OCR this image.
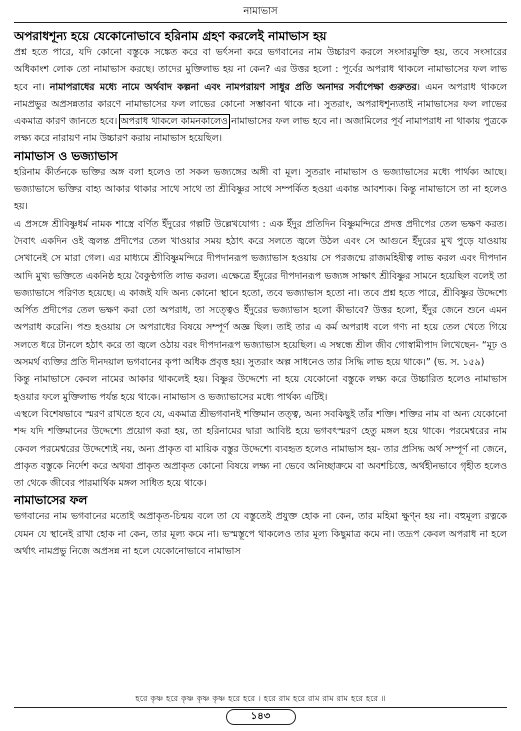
নামাভাস
অপরাধশূন্য হয়ে যেকোনোভাবে হরিনাম গ্রহণ করলেই নামাভাস হয়

প্রশ্ন হতে পারে, যদি কোনো বস্তুকে সঙ্কেত করে বা ভর্ৎসনা করে ভগবানের নাম উচ্চারণ করলে সংসারমুক্তি হয়, তবে সংসারের অধিকাংশ লোক তো নামাভাস করছে। তাদের মুক্তিলাভ হয় না কেন? এর উত্তর হলো : পূর্বের অপরাধ থাকলে নামাভাসের ফল লাভ হবে না। নামাপরাধের মধ্যে নামে অর্থবাদ কল্পনা এবং নামপরায়ণ সাধুর প্রতি অনাদর সর্বাপেক্ষা গুরুতর। এমন অপরাধ থাকলে নামপ্রভুর অপ্রসন্নতার কারণে নামাভাসের ফল লাভের কোনো সম্ভাবনা থাকে না। সুতরাং, অপরাধশূন্যতাই নামাভাসের ফল লাভের একমাত্র কারণ জানতে হবে। অপরাধ থাকলে কামনকালেও নামাভাসের ফল লাভ হবে না। অজামিলের পূর্ব নামাপরাধ না থাকায় পুত্রকে লক্ষ্য করে নারায়ণ নাম উচ্চারণ করায় নামাভাস হয়েছিল।

নামাভাস ও ভজ্যাভাস

হরিনাম কীর্তনকে ভক্তির অঙ্গ বলা হলেও তা সকল ভজ্যঙ্গের অঙ্গী বা মূল। সুতরাং নামাভাস ও ভজ্যাভাসের মধ্যে পার্থক্য আছে। ভজ্যাভাসে ভক্তির বাহ্য আকার থাকার সাথে সাথে তা শ্রীবিষ্ণুর সাথে সম্পর্কিত হওয়া একান্ত আবশ্যক। কিন্তু নামাভাসে তা না হলেও হয়।

এ প্রসঙ্গে শ্রীবিষ্ণুধর্ম নামক শাস্ত্রে বর্ণিত ইঁদুরের গল্পটি উল্লেখযোগ্য : এক ইঁদুর প্রতিদিন বিষ্ণুমন্দিরে প্রদত্ত প্রদীপের তেল ভক্ষণ করত। দৈবাৎ একদিন ওই জ্বলন্ত প্রদীপের তেল খাওয়ার সময় হঠাৎ করে সলতে জ্বলে উঠল এবং সে আগুনে ইঁদুরের মুখ পুড়ে যাওয়ায় সেখানেই সে মারা গেল। এর মাধ্যমে শ্রীবিষ্ণুমন্দিরে দীপদানরূপ ভজ্যাভাস হওয়ায় সে পরজন্মে রাজমহিষীত্ব লাভ করল এবং দীপদান আদি মুখ্য ভক্তিতে একনিষ্ঠ হয়ে বৈকুণ্ঠগতি লাভ করল। এক্ষেত্রে ইঁদুরের দীপদানরূপ ভজ্যঙ্গ সাক্ষাৎ শ্রীবিষ্ণুর সামনে হয়েছিল বলেই তা ভজ্যাভাসে পরিণত হয়েছে। এ কাজই যদি অন্য কোনো স্থানে হতো, তবে ভজ্যাভাস হতো না। তবে প্রশ্ন হতে পারে, শ্রীবিষ্ণুর উদ্দেশ্যে অর্পিত প্রদীপের তেল ভক্ষণ করা তো অপরাধ, তা সত্ত্বেও ইঁদুরের ভজ্যাভাস হলো কীভাবে? উত্তর হলো, ইঁদুর জেনে শুনে এমন অপরাধ করেনি। পশু হওয়ায় সে অপরাধের বিষয়ে সম্পূর্ণ অজ্ঞ ছিল। তাই তার এ কর্ম অপরাধ বলে গণ্য না হয়ে তেল খেতে গিয়ে সলতে ধরে টানলে হঠাৎ করে তা জ্বলে ওঠায় বরং দীপদানরূপ ভজ্যাভাস হয়েছিল। এ সম্বন্ধে শ্রীল জীব গোস্বামীপাদ লিখেছেন- “মূঢ় ও অসমর্থ ব্যক্তির প্রতি দীনদয়াল ভগবানের কৃপা অধিক প্রবৃত্ত হয়। সুতরাং অল্প সাধনেও তার সিদ্ধি লাভ হয়ে থাকে।” (ভ. স. ১৫৯)

কিন্তু নামাভাসে কেবল নামের আকার থাকলেই হয়। বিষ্ণুর উদ্দেশ্যে না হয়ে যেকোনো বস্তুকে লক্ষ্য করে উচ্চারিত হলেও নামাভাস হওয়ার ফলে মুক্তিলাভ পর্যন্ত হয়ে থাকে। নামাভাস ও ভজ্যাভাসের মধ্যে পার্থক্য এটিই।

এস্থলে বিশেষভাবে স্মরণ রাখতে হবে যে, একমাত্র শ্রীভগবানই শক্তিমান তত্ত্ব, অন্য সবকিছুই তাঁর শক্তি। শক্তির নাম বা অন্য যেকোনো শব্দ যদি শক্তিমানের উদ্দেশ্যে প্রয়োগ করা হয়, তা হরিনামের দ্বারা আবিষ্ট হয়ে ভগবৎস্মরণ হেতু মঙ্গল হয়ে থাকে। পরমেশ্বরের নাম কেবল পরমেশ্বরের উদ্দেশ্যেই নয়, অন্য প্রাকৃত বা মায়িক বস্তুর উদ্দেশ্যে ব্যবহৃত হলেও নামাভাস হয়- তার প্রসিদ্ধ অর্থ সম্পূর্ণ না জেনে, প্রাকৃত বস্তুকে নির্দেশ করে অথবা প্রাকৃত অপ্রাকৃত কোনো বিষয়ে লক্ষ্য না ভেবে অনিচ্ছাক্রমে বা অবশচিত্তে, অর্থহীনভাবে গৃহীত হলেও তা থেকে জীবের পারমার্থিক মঙ্গল সাধিত হয়ে থাকে।

নামাভাসের ফল

ভগবানের নাম ভগবানের মতোই অপ্রাকৃত-চিন্ময় বলে তা যে বস্তুতেই প্রযুক্ত হোক না কেন, তার মহিমা ক্ষুণ্ন হয় না। বহুমূল্য রত্নকে যেমন যে স্থানেই রাখা হোক না কেন, তার মূল্য কমে না। ভস্মস্তূপে থাকলেও তার মূল্য কিছুমাত্র কমে না। তদ্রূপ কেবল অপরাধ না হলে অর্থাৎ নামপ্রভু নিজে অপ্রসন্ন না হলে যেকোনোভাবে নামাভাস

হরে কৃষ্ণ হরে কৃষ্ণ কৃষ্ণ কৃষ্ণ হরে হরে । হরে রাম হরে রাম রাম রাম হরে হরে ॥
১৪৩
